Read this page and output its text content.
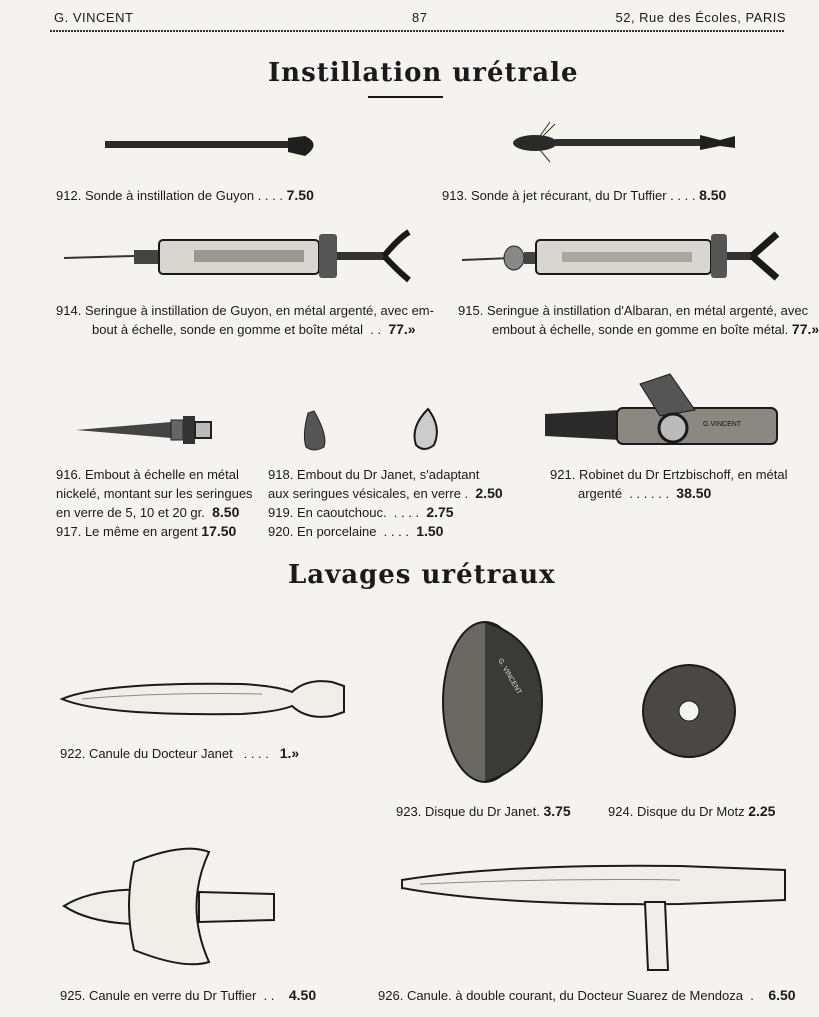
G. VINCENT	87	52, Rue des Écoles, PARIS
Instillation urétrale
912. Sonde à instillation de Guyon . . . . 7.50	913. Sonde à jet récurant, du Dr Tuffier . . . . 8.50
914. Seringue à instillation de Guyon, en métal argenté, avec em-
bout à échelle, sonde en gomme et boîte métal . . 77.»
915. Seringue à instillation d'Albaran, en métal argenté, avec
embout à échelle, sonde en gomme en boîte métal. 77.»
G.VINCENT
916. Embout à échelle en métal
nickelé, montant sur les seringues
en verre de 5, 10 et 20 gr. 8.50
917. Le même en argent 17.50
918. Embout du Dr Janet, s'adaptant
aux seringues vésicales, en verre . 2.50
919. En caoutchouc. . . . . 2.75
920. En porcelaine . . . . 1.50
921. Robinet du Dr Ertzbischoff, en métal
argenté . . . . . . 38.50
Lavages urétraux
G. VINCENT
922. Canule du Docteur Janet . . . . 1.»
923. Disque du Dr Janet. 3.75	924. Disque du Dr Motz 2.25
925. Canule en verre du Dr Tuffier . . 4.50	926. Canule. à double courant, du Docteur Suarez de Mendoza . 6.50
